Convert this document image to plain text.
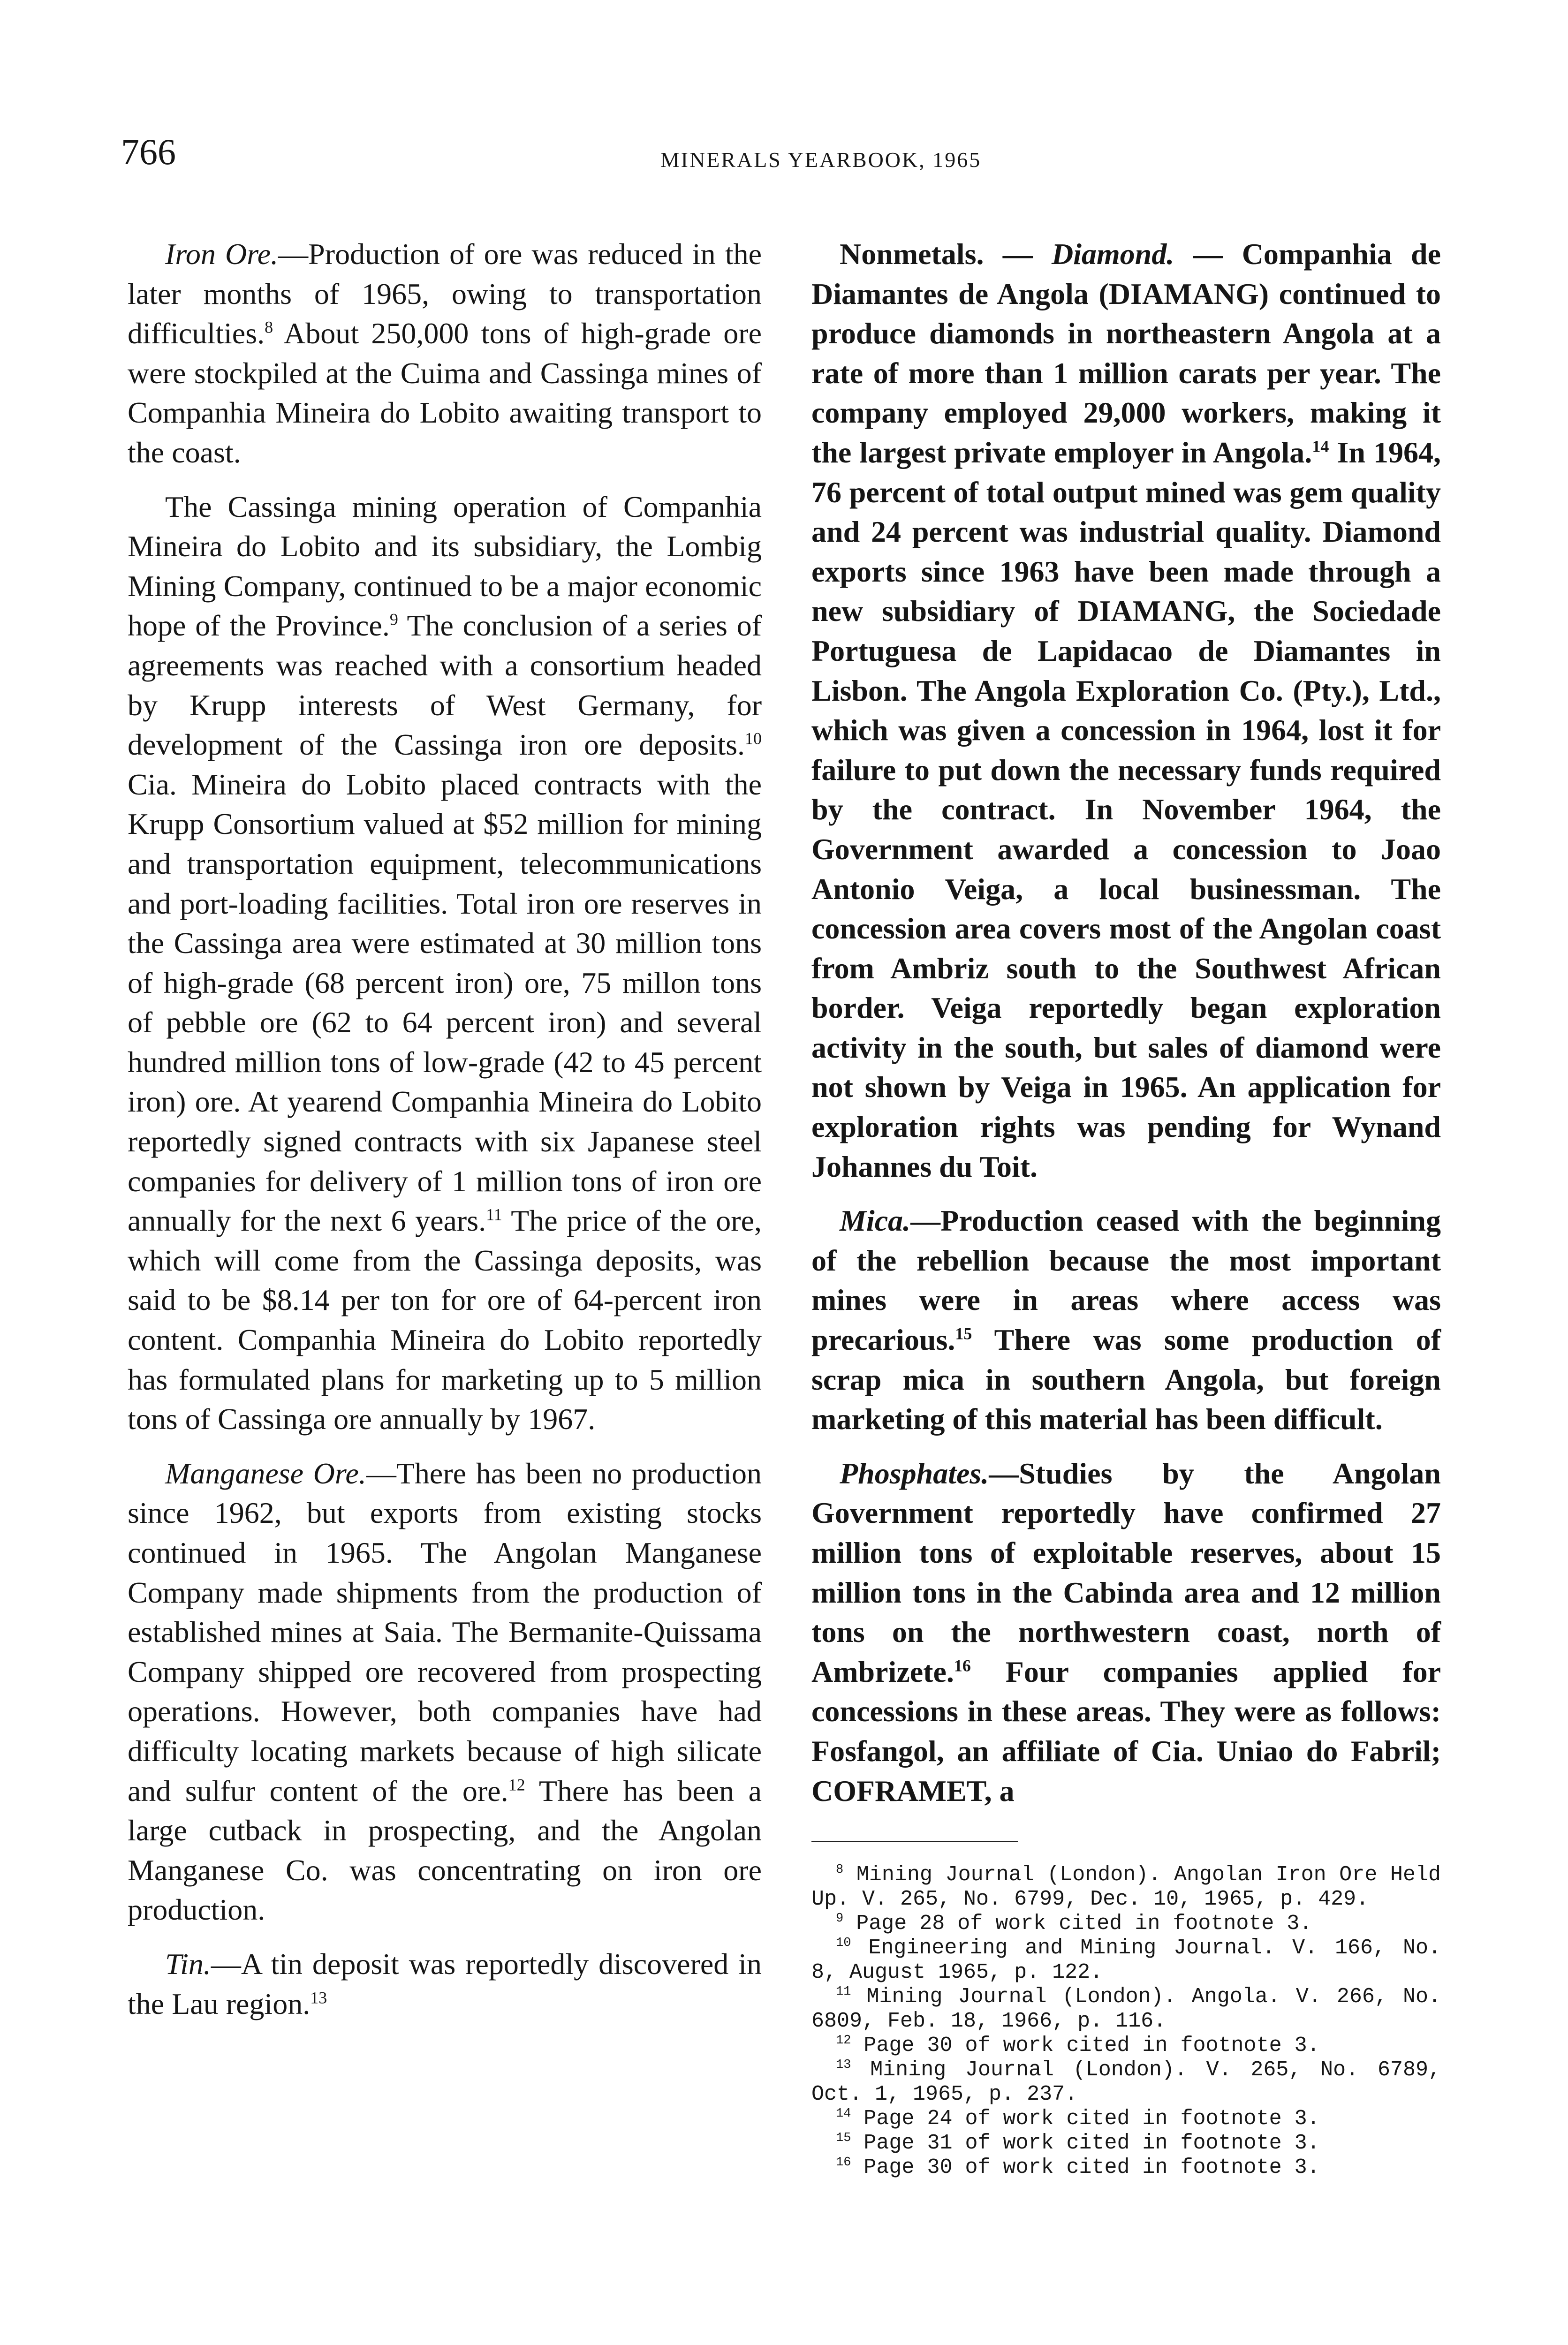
766	MINERALS YEARBOOK, 1965

Iron Ore.—Production of ore was reduced in the later months of 1965, owing to transportation difficulties.$^8$ About 250,000 tons of high-grade ore were stockpiled at the Cuima and Cassinga mines of Companhia Mineira do Lobito awaiting transport to the coast.

The Cassinga mining operation of Companhia Mineira do Lobito and its subsidiary, the Lombig Mining Company, continued to be a major economic hope of the Province.$^9$ The conclusion of a series of agreements was reached with a consortium headed by Krupp interests of West Germany, for development of the Cassinga iron ore deposits.$^{10}$ Cia. Mineira do Lobito placed contracts with the Krupp Consortium valued at $52 million for mining and transportation equipment, telecommunications and port-loading facilities. Total iron ore reserves in the Cassinga area were estimated at 30 million tons of high-grade (68 percent iron) ore, 75 millon tons of pebble ore (62 to 64 percent iron) and several hundred million tons of low-grade (42 to 45 percent iron) ore. At yearend Companhia Mineira do Lobito reportedly signed contracts with six Japanese steel companies for delivery of 1 million tons of iron ore annually for the next 6 years.$^{11}$ The price of the ore, which will come from the Cassinga deposits, was said to be $8.14 per ton for ore of 64-percent iron content. Companhia Mineira do Lobito reportedly has formulated plans for marketing up to 5 million tons of Cassinga ore annually by 1967.

Manganese Ore.—There has been no production since 1962, but exports from existing stocks continued in 1965. The Angolan Manganese Company made shipments from the production of established mines at Saia. The Bermanite-Quissama Company shipped ore recovered from prospecting operations. However, both companies have had difficulty locating markets because of high silicate and sulfur content of the ore.$^{12}$ There has been a large cutback in prospecting, and the Angolan Manganese Co. was concentrating on iron ore production.

Tin.—A tin deposit was reportedly discovered in the Lau region.$^{13}$

Nonmetals. — Diamond. — Companhia de Diamantes de Angola (DIAMANG) continued to produce diamonds in northeastern Angola at a rate of more than 1 million carats per year. The company employed 29,000 workers, making it the largest private employer in Angola.$^{14}$ In 1964, 76 percent of total output mined was gem quality and 24 percent was industrial quality. Diamond exports since 1963 have been made through a new subsidiary of DIAMANG, the Sociedade Portuguesa de Lapidacao de Diamantes in Lisbon. The Angola Exploration Co. (Pty.), Ltd., which was given a concession in 1964, lost it for failure to put down the necessary funds required by the contract. In November 1964, the Government awarded a concession to Joao Antonio Veiga, a local businessman. The concession area covers most of the Angolan coast from Ambriz south to the Southwest African border. Veiga reportedly began exploration activity in the south, but sales of diamond were not shown by Veiga in 1965. An application for exploration rights was pending for Wynand Johannes du Toit.

Mica.—Production ceased with the beginning of the rebellion because the most important mines were in areas where access was precarious.$^{15}$ There was some production of scrap mica in southern Angola, but foreign marketing of this material has been difficult.

Phosphates.—Studies by the Angolan Government reportedly have confirmed 27 million tons of exploitable reserves, about 15 million tons in the Cabinda area and 12 million tons on the northwestern coast, north of Ambrizete.$^{16}$ Four companies applied for concessions in these areas. They were as follows: Fosfangol, an affiliate of Cia. Uniao do Fabril; COFRAMET, a

$^8$ Mining Journal (London). Angolan Iron Ore Held Up. V. 265, No. 6799, Dec. 10, 1965, p. 429.

$^9$ Page 28 of work cited in footnote 3.

$^{10}$ Engineering and Mining Journal. V. 166, No. 8, August 1965, p. 122.

$^{11}$ Mining Journal (London). Angola. V. 266, No. 6809, Feb. 18, 1966, p. 116.

$^{12}$ Page 30 of work cited in footnote 3.

$^{13}$ Mining Journal (London). V. 265, No. 6789, Oct. 1, 1965, p. 237.

$^{14}$ Page 24 of work cited in footnote 3.

$^{15}$ Page 31 of work cited in footnote 3.

$^{16}$ Page 30 of work cited in footnote 3.
